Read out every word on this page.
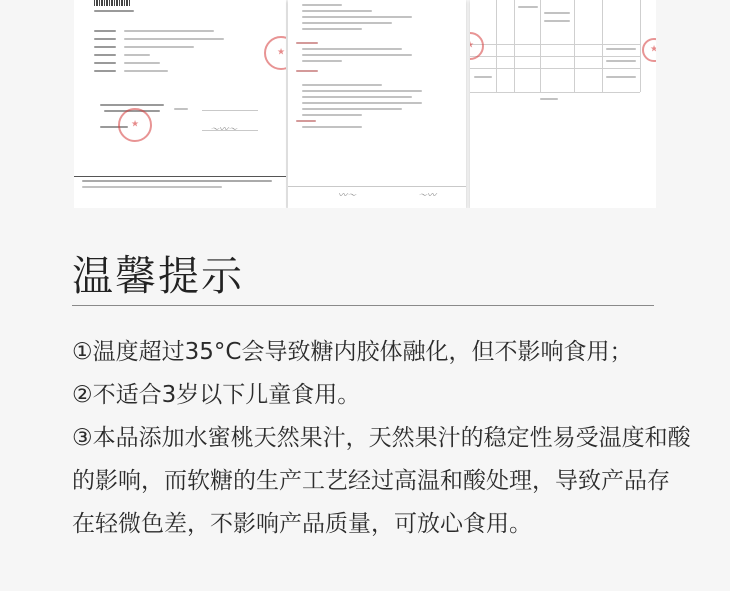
★
★
〜〰〜
〰〜	〜〰
★
★
温馨提示

①温度超过35°C会导致糖内胶体融化，但不影响食用；

②不适合3岁以下儿童食用。

③本品添加水蜜桃天然果汁，天然果汁的稳定性易受温度和酸的影响，而软糖的生产工艺经过高温和酸处理，导致产品存在轻微色差，不影响产品质量，可放心食用。
